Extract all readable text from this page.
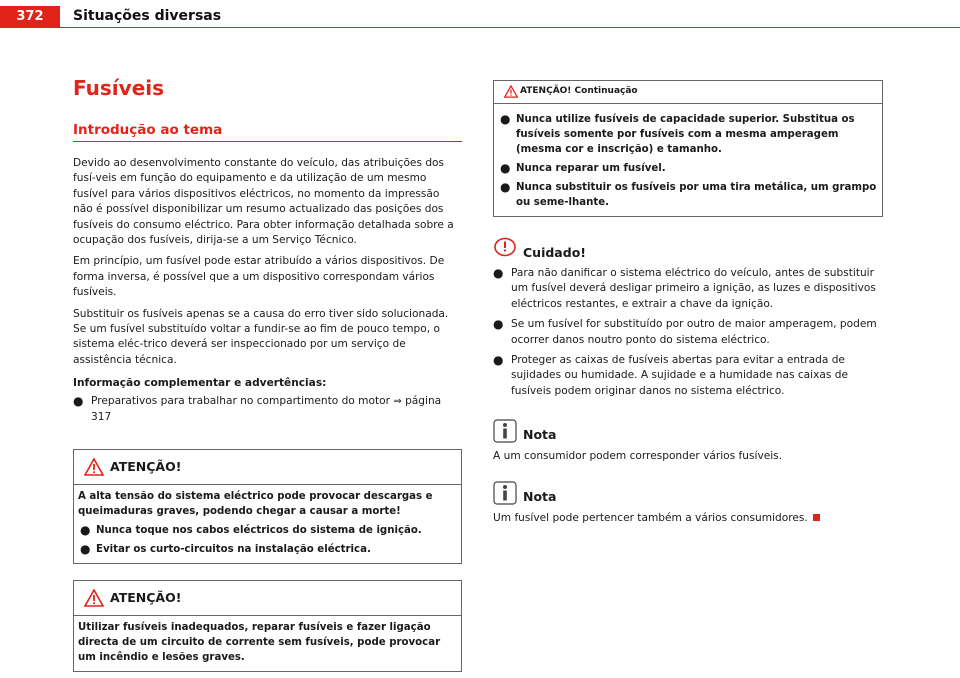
372	Situações diversas
Fusíveis
Introdução ao tema

Devido ao desenvolvimento constante do veículo, das atribuições dos fusí-veis em função do equipamento e da utilização de um mesmo fusível para vários dispositivos eléctricos, no momento da impressão não é possível disponibilizar um resumo actualizado das posições dos fusíveis do consumo eléctrico. Para obter informação detalhada sobre a ocupação dos fusíveis, dirija-se a um Serviço Técnico.

Em princípio, um fusível pode estar atribuído a vários dispositivos. De forma inversa, é possível que a um dispositivo correspondam vários fusíveis.

Substituir os fusíveis apenas se a causa do erro tiver sido solucionada. Se um fusível substituído voltar a fundir-se ao fim de pouco tempo, o sistema eléc-trico deverá ser inspeccionado por um serviço de assistência técnica.

Informação complementar e advertências:
● Preparativos para trabalhar no compartimento do motor ⇒ página 317
ATENÇÃO!
A alta tensão do sistema eléctrico pode provocar descargas e queimaduras graves, podendo chegar a causar a morte!
● Nunca toque nos cabos eléctricos do sistema de ignição.
● Evitar os curto-circuitos na instalação eléctrica.
ATENÇÃO!
Utilizar fusíveis inadequados, reparar fusíveis e fazer ligação directa de um circuito de corrente sem fusíveis, pode provocar um incêndio e lesões graves.
ATENÇÃO! Continuação
● Nunca utilize fusíveis de capacidade superior. Substitua os fusíveis somente por fusíveis com a mesma amperagem (mesma cor e inscrição) e tamanho.
● Nunca reparar um fusível.
● Nunca substituir os fusíveis por uma tira metálica, um grampo ou seme-lhante.
Cuidado!
● Para não danificar o sistema eléctrico do veículo, antes de substituir um fusível deverá desligar primeiro a ignição, as luzes e dispositivos eléctricos restantes, e extrair a chave da ignição.
● Se um fusível for substituído por outro de maior amperagem, podem ocorrer danos noutro ponto do sistema eléctrico.
● Proteger as caixas de fusíveis abertas para evitar a entrada de sujidades ou humidade. A sujidade e a humidade nas caixas de fusíveis podem originar danos no sistema eléctrico.
Nota

A um consumidor podem corresponder vários fusíveis.

Nota

Um fusível pode pertencer também a vários consumidores.
